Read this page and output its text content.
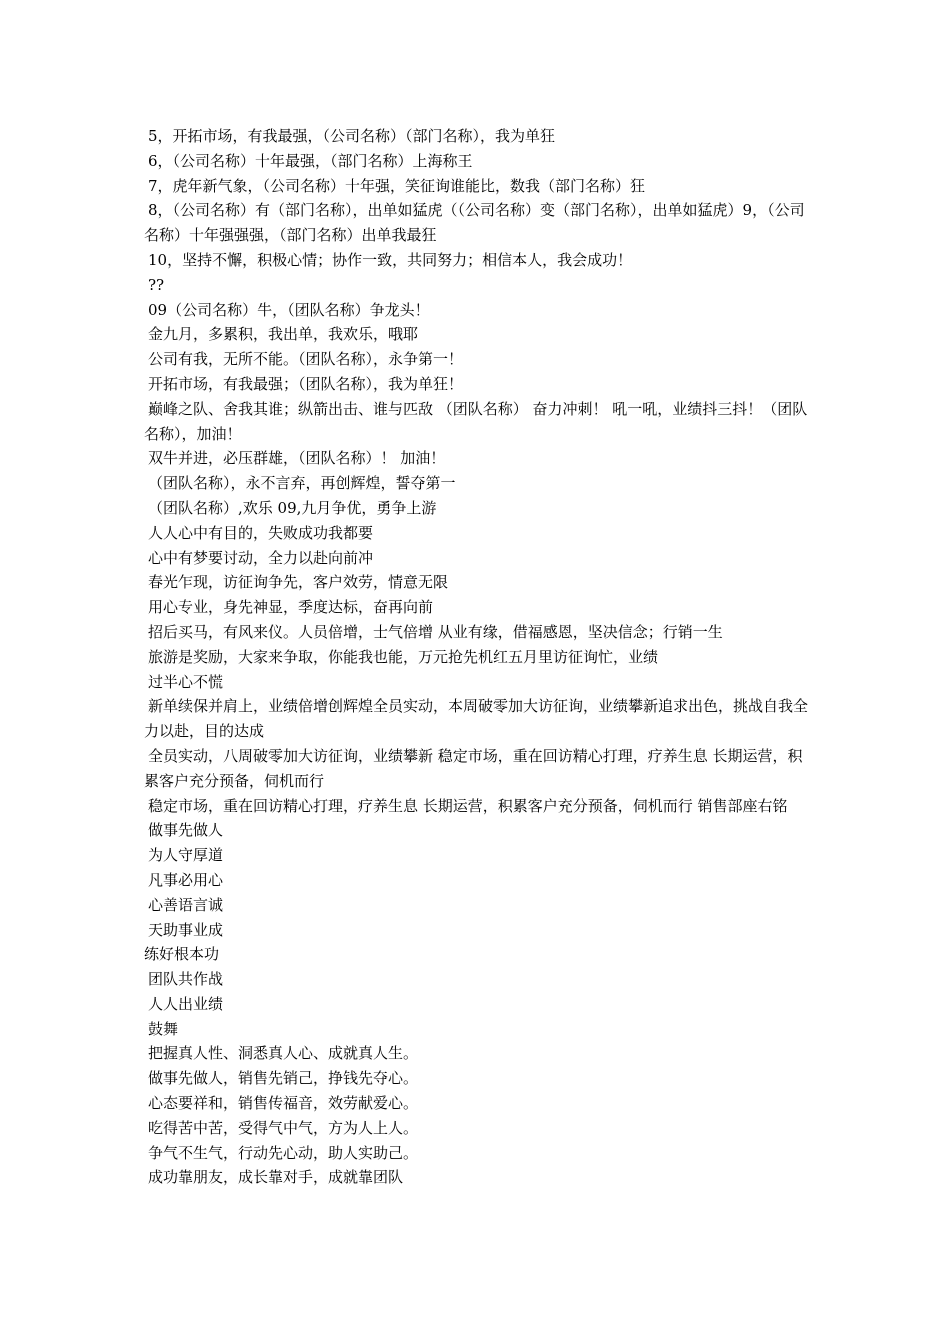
5，开拓市场，有我最强，（公司名称）（部门名称），我为单狂

6，（公司名称）十年最强，（部门名称）上海称王

7，虎年新气象，（公司名称）十年强，笑征询谁能比，数我（部门名称）狂

8，（公司名称）有（部门名称），出单如猛虎（（公司名称）变（部门名称），出单如猛虎）9，（公司名称）十年强强强，（部门名称）出单我最狂

10，坚持不懈，积极心情；协作一致，共同努力；相信本人，我会成功！

??

09（公司名称）牛，（团队名称）争龙头！

金九月，多累积，我出单，我欢乐，哦耶

公司有我，无所不能。（团队名称），永争第一！

开拓市场，有我最强；（团队名称），我为单狂！

巅峰之队、舍我其谁；纵箭出击、谁与匹敌 （团队名称） 奋力冲刺！ 吼一吼，业绩抖三抖！（团队名称），加油！

双牛并进，必压群雄，（团队名称）！ 加油！

（团队名称），永不言弃，再创辉煌，誓夺第一

（团队名称）,欢乐 09,九月争优，勇争上游

人人心中有目的，失败成功我都要

心中有梦要讨动，全力以赴向前冲

春光乍现，访征询争先，客户效劳，情意无限

用心专业，身先神显，季度达标，奋再向前

招后买马，有风来仪。人员倍增，士气倍增 从业有缘，借福感恩，坚决信念；行销一生

旅游是奖励，大家来争取，你能我也能，万元抢先机红五月里访征询忙，业绩

过半心不慌

新单续保并肩上，业绩倍增创辉煌全员实动，本周破零加大访征询，业绩攀新追求出色，挑战自我全力以赴，目的达成

全员实动，八周破零加大访征询，业绩攀新 稳定市场，重在回访精心打理，疗养生息 长期运营，积累客户充分预备，伺机而行

稳定市场，重在回访精心打理，疗养生息 长期运营，积累客户充分预备，伺机而行 销售部座右铭

做事先做人

为人守厚道

凡事必用心

心善语言诚

天助事业成

练好根本功

团队共作战

人人出业绩

鼓舞

把握真人性、洞悉真人心、成就真人生。

做事先做人，销售先销己，挣钱先夺心。

心态要祥和，销售传福音，效劳献爱心。

吃得苦中苦，受得气中气，方为人上人。

争气不生气，行动先心动，助人实助己。

成功靠朋友，成长靠对手，成就靠团队
